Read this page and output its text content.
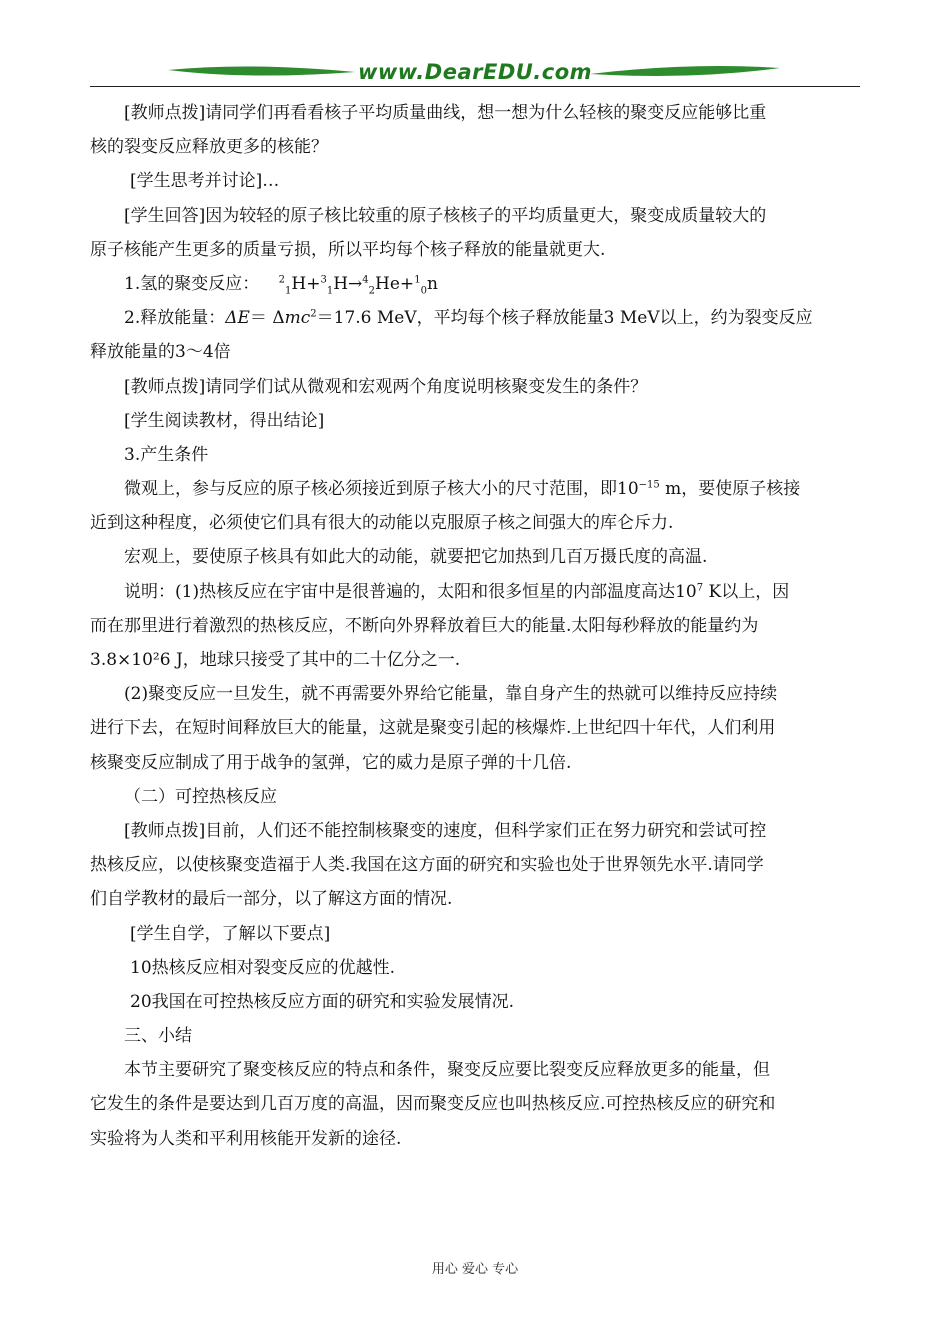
www.DearEDU.com
[教师点拨]请同学们再看看核子平均质量曲线，想一想为什么轻核的聚变反应能够比重
核的裂变反应释放更多的核能？
[学生思考并讨论]…
[学生回答]因为较轻的原子核比较重的原子核核子的平均质量更大，聚变成质量较大的
原子核能产生更多的质量亏损，所以平均每个核子释放的能量就更大.
1.氢的聚变反应： $^2_1$H+$^3_1$H→$^4_2$He+$^1_0$n
2.释放能量：ΔE＝ Δmc$^2$＝17.6 MeV，平均每个核子释放能量3 MeV以上，约为裂变反应
释放能量的3～4倍
[教师点拨]请同学们试从微观和宏观两个角度说明核聚变发生的条件？
[学生阅读教材，得出结论]
3.产生条件
微观上，参与反应的原子核必须接近到原子核大小的尺寸范围，即$10^{-15}$ m，要使原子核接
近到这种程度，必须使它们具有很大的动能以克服原子核之间强大的库仑斥力.
宏观上，要使原子核具有如此大的动能，就要把它加热到几百万摄氏度的高温.
说明：(1)热核反应在宇宙中是很普遍的，太阳和很多恒星的内部温度高达$10^7$ K以上，因
而在那里进行着激烈的热核反应，不断向外界释放着巨大的能量.太阳每秒释放的能量约为
3.8×10²6 J，地球只接受了其中的二十亿分之一.
(2)聚变反应一旦发生，就不再需要外界给它能量，靠自身产生的热就可以维持反应持续
进行下去，在短时间释放巨大的能量，这就是聚变引起的核爆炸.上世纪四十年代，人们利用
核聚变反应制成了用于战争的氢弹，它的威力是原子弹的十几倍.
（二）可控热核反应
[教师点拨]目前，人们还不能控制核聚变的速度，但科学家们正在努力研究和尝试可控
热核反应，以使核聚变造福于人类.我国在这方面的研究和实验也处于世界领先水平.请同学
们自学教材的最后一部分，以了解这方面的情况.
[学生自学，了解以下要点]
10热核反应相对裂变反应的优越性.
20我国在可控热核反应方面的研究和实验发展情况.
三、小结
本节主要研究了聚变核反应的特点和条件，聚变反应要比裂变反应释放更多的能量，但
它发生的条件是要达到几百万度的高温，因而聚变反应也叫热核反应.可控热核反应的研究和
实验将为人类和平利用核能开发新的途径.
用心 爱心 专心
